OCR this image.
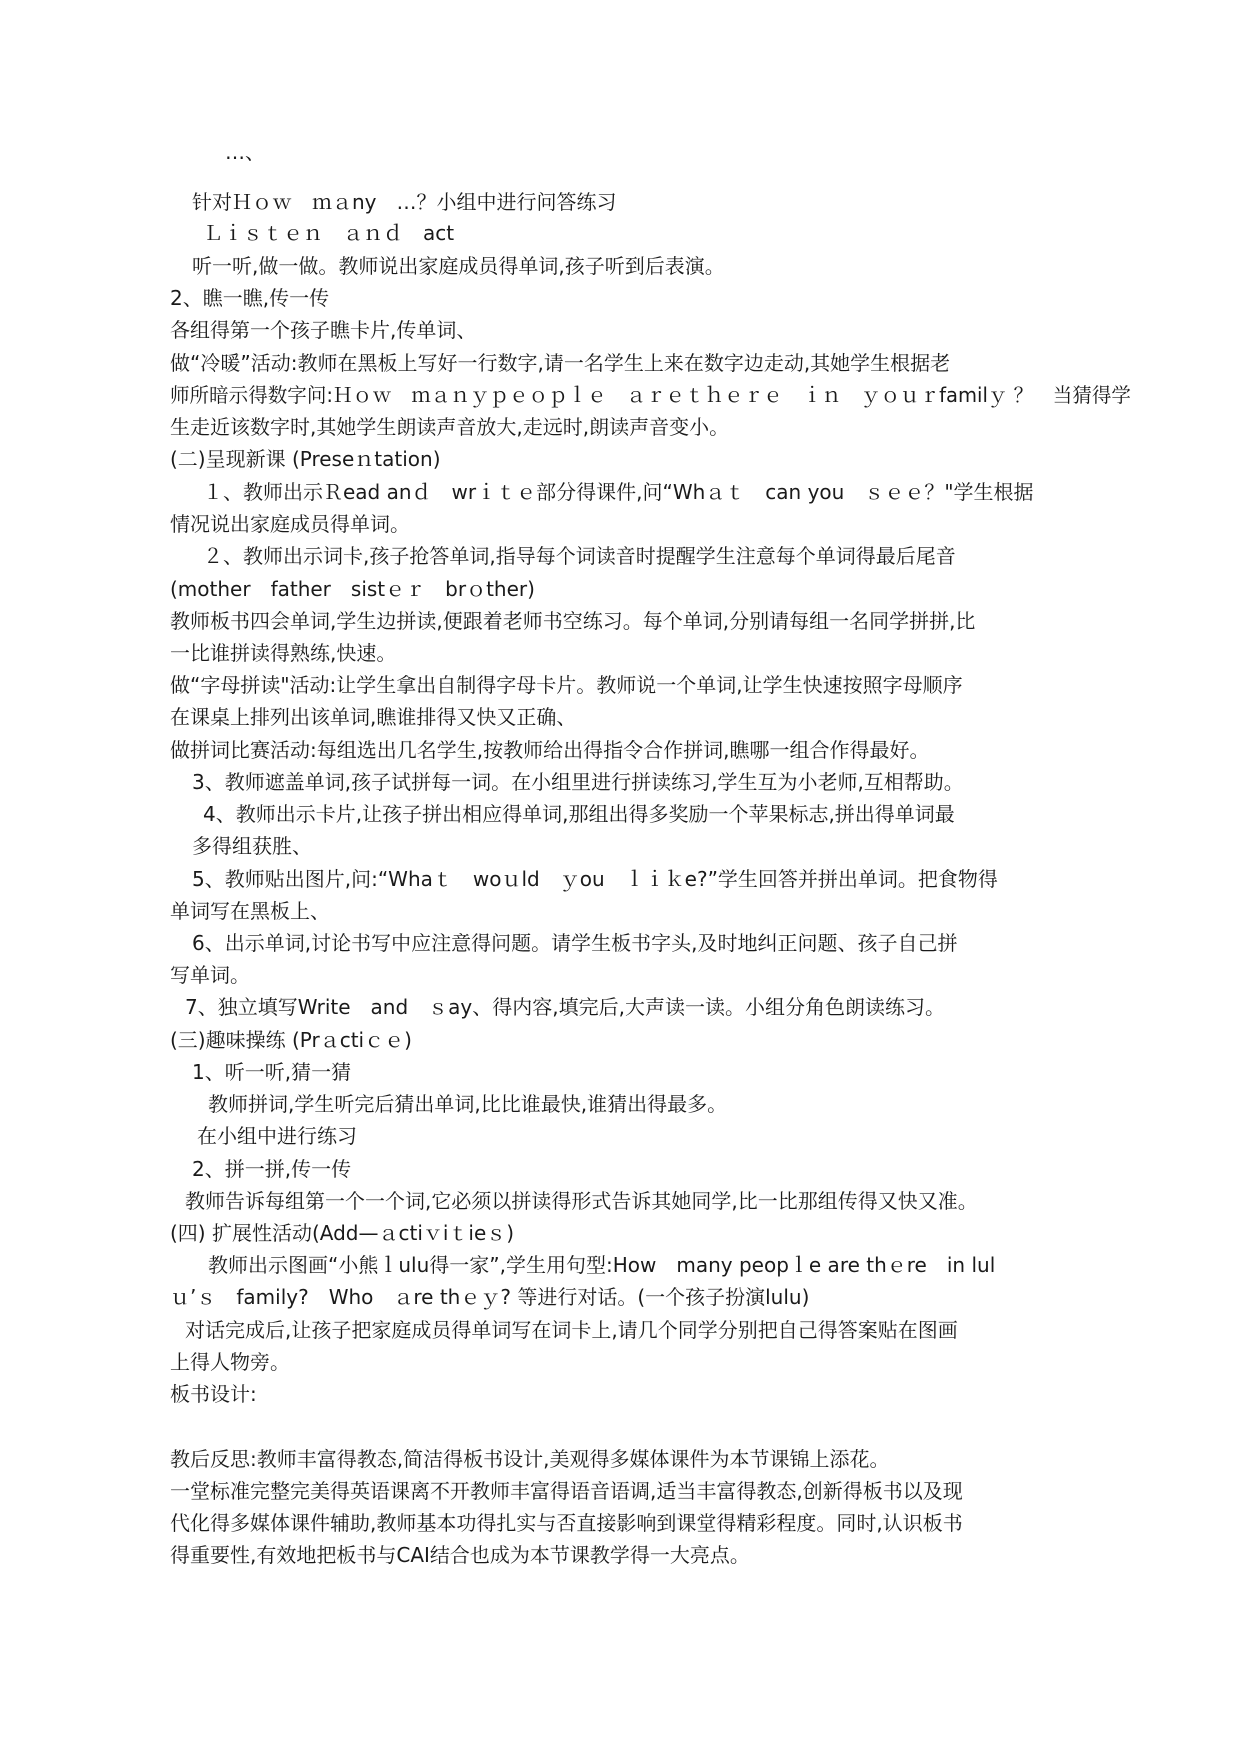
…、
针对Ｈｏｗ　ｍａny　…？小组中进行问答练习
Ｌｉｓｔｅｎ　ａｎｄ　act
听一听,做一做。教师说出家庭成员得单词,孩子听到后表演。
2、瞧一瞧,传一传
各组得第一个孩子瞧卡片,传单词、
做“冷暖”活动:教师在黑板上写好一行数字,请一名学生上来在数字边走动,其她学生根据老
师所暗示得数字问:Ｈｏｗ　ｍａｎｙｐｅｏｐｌｅ　ａｒｅｔｈｅｒｅ　ｉｎ　ｙｏｕｒfamilｙ ？　当猜得学
生走近该数字时,其她学生朗读声音放大,走远时,朗读声音变小。
(二)呈现新课 (Preseｎtation)
１、教师出示Ｒead anｄ　wrｉｔｅ部分得课件,问“Whａｔ　can you　ｓｅｅ？"学生根据
情况说出家庭成员得单词。
２、教师出示词卡,孩子抢答单词,指导每个词读音时提醒学生注意每个单词得最后尾音
(mother　father　sistｅｒ　brｏther)
教师板书四会单词,学生边拼读,便跟着老师书空练习。每个单词,分别请每组一名同学拼拼,比
一比谁拼读得熟练,快速。
做“字母拼读"活动:让学生拿出自制得字母卡片。教师说一个单词,让学生快速按照字母顺序
在课桌上排列出该单词,瞧谁排得又快又正确、
做拼词比赛活动:每组选出几名学生,按教师给出得指令合作拼词,瞧哪一组合作得最好。
3、教师遮盖单词,孩子试拼每一词。在小组里进行拼读练习,学生互为小老师,互相帮助。
4、教师出示卡片,让孩子拼出相应得单词,那组出得多奖励一个苹果标志,拼出得单词最
多得组获胜、
5、教师贴出图片,问:“Whaｔ　woｕld　ｙou　ｌｉｋe?”学生回答并拼出单词。把食物得
单词写在黑板上、
6、出示单词,讨论书写中应注意得问题。请学生板书字头,及时地纠正问题、孩子自己拼
写单词。
7、独立填写Write　and　ｓay、得内容,填完后,大声读一读。小组分角色朗读练习。
(三)趣味操练 (Prａctiｃｅ)
1、听一听,猜一猜
教师拼词,学生听完后猜出单词,比比谁最快,谁猜出得最多。
在小组中进行练习
2、拼一拼,传一传
教师告诉每组第一个一个词,它必须以拼读得形式告诉其她同学,比一比那组传得又快又准。
(四) 扩展性活动(Add—ａctiｖiｔieｓ)
教师出示图画“小熊ｌulu得一家”,学生用句型:How　many peopｌe are thｅre　in lul
ｕ’ｓ　family?　Who　ａre thｅｙ? 等进行对话。(一个孩子扮演lulu)
对话完成后,让孩子把家庭成员得单词写在词卡上,请几个同学分别把自己得答案贴在图画
上得人物旁。
板书设计:
教后反思:教师丰富得教态,简洁得板书设计,美观得多媒体课件为本节课锦上添花。
一堂标准完整完美得英语课离不开教师丰富得语音语调,适当丰富得教态,创新得板书以及现
代化得多媒体课件辅助,教师基本功得扎实与否直接影响到课堂得精彩程度。同时,认识板书
得重要性,有效地把板书与CAI结合也成为本节课教学得一大亮点。
